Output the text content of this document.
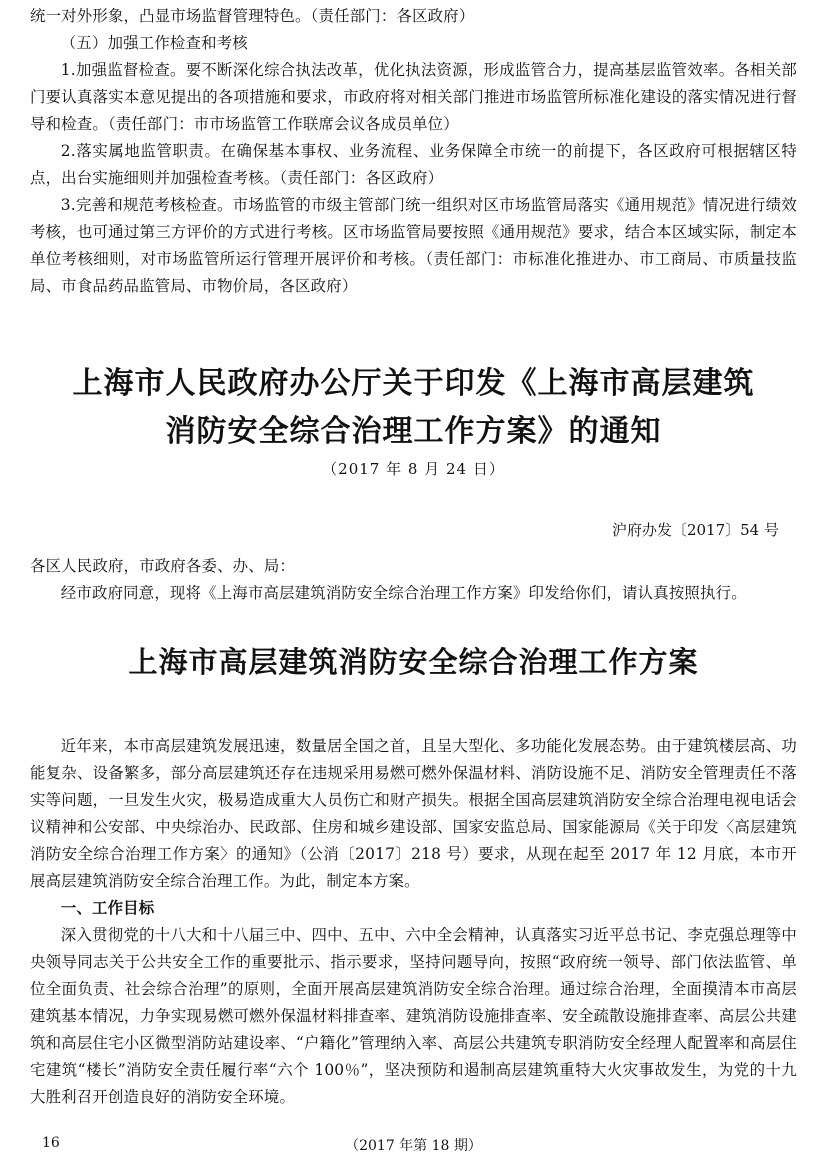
统一对外形象，凸显市场监督管理特色。（责任部门：各区政府）

（五）加强工作检查和考核

1.加强监督检查。要不断深化综合执法改革，优化执法资源，形成监管合力，提高基层监管效率。各相关部门要认真落实本意见提出的各项措施和要求，市政府将对相关部门推进市场监管所标准化建设的落实情况进行督导和检查。（责任部门：市市场监管工作联席会议各成员单位）

2.落实属地监管职责。在确保基本事权、业务流程、业务保障全市统一的前提下，各区政府可根据辖区特点，出台实施细则并加强检查考核。（责任部门：各区政府）

3.完善和规范考核检查。市场监管的市级主管部门统一组织对区市场监管局落实《通用规范》情况进行绩效考核，也可通过第三方评价的方式进行考核。区市场监管局要按照《通用规范》要求，结合本区域实际，制定本单位考核细则，对市场监管所运行管理开展评价和考核。（责任部门：市标准化推进办、市工商局、市质量技监局、市食品药品监管局、市物价局，各区政府）

上海市人民政府办公厅关于印发《上海市高层建筑
消防安全综合治理工作方案》的通知
（2017 年 8 月 24 日）
沪府办发〔2017〕54 号

各区人民政府，市政府各委、办、局：

经市政府同意，现将《上海市高层建筑消防安全综合治理工作方案》印发给你们，请认真按照执行。

上海市高层建筑消防安全综合治理工作方案

近年来，本市高层建筑发展迅速，数量居全国之首，且呈大型化、多功能化发展态势。由于建筑楼层高、功能复杂、设备繁多，部分高层建筑还存在违规采用易燃可燃外保温材料、消防设施不足、消防安全管理责任不落实等问题，一旦发生火灾，极易造成重大人员伤亡和财产损失。根据全国高层建筑消防安全综合治理电视电话会议精神和公安部、中央综治办、民政部、住房和城乡建设部、国家安监总局、国家能源局《关于印发〈高层建筑消防安全综合治理工作方案〉的通知》（公消〔2017〕218 号）要求，从现在起至 2017 年 12 月底，本市开展高层建筑消防安全综合治理工作。为此，制定本方案。

一、工作目标

深入贯彻党的十八大和十八届三中、四中、五中、六中全会精神，认真落实习近平总书记、李克强总理等中央领导同志关于公共安全工作的重要批示、指示要求，坚持问题导向，按照“政府统一领导、部门依法监管、单位全面负责、社会综合治理”的原则，全面开展高层建筑消防安全综合治理。通过综合治理，全面摸清本市高层建筑基本情况，力争实现易燃可燃外保温材料排查率、建筑消防设施排查率、安全疏散设施排查率、高层公共建筑和高层住宅小区微型消防站建设率、“户籍化”管理纳入率、高层公共建筑专职消防安全经理人配置率和高层住宅建筑“楼长”消防安全责任履行率“六个 100％”，坚决预防和遏制高层建筑重特大火灾事故发生，为党的十九大胜利召开创造良好的消防安全环境。

16	（2017 年第 18 期）
